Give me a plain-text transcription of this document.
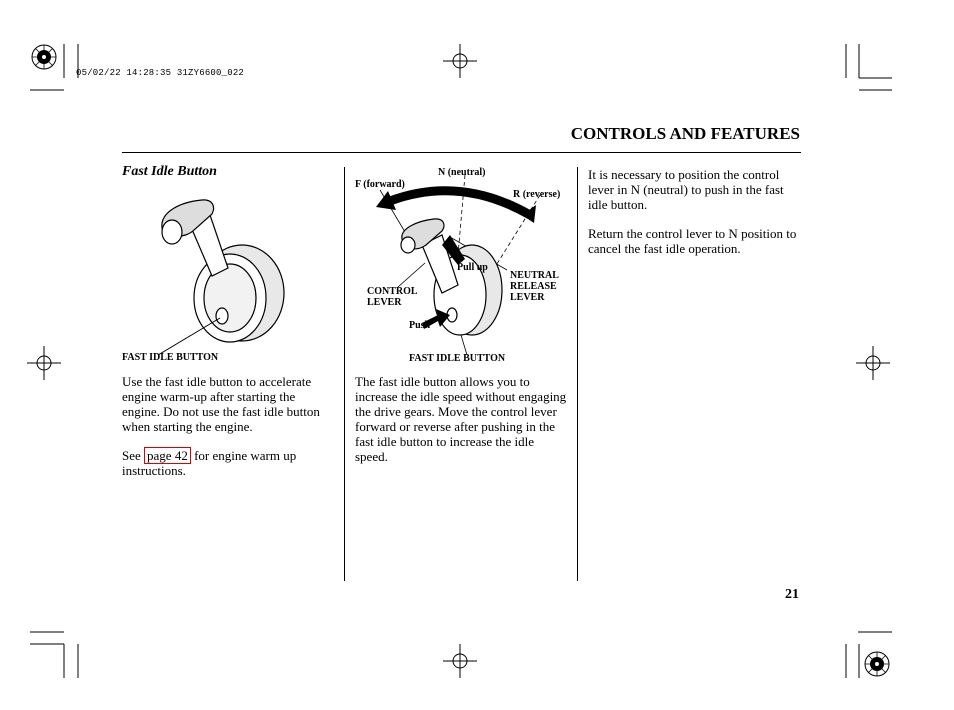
05/02/22 14:28:35 31ZY6600_022
CONTROLS AND FEATURES
Fast Idle Button
FAST IDLE BUTTON
Use the fast idle button to accelerate engine warm-up after starting the engine. Do not use the fast idle button when starting the engine.
See page 42 for engine warm up instructions.
N (neutral)
F (forward)
R (reverse)
Pull up
NEUTRAL
RELEASE
LEVER
CONTROL
LEVER
Push
FAST IDLE BUTTON
The fast idle button allows you to increase the idle speed without engaging the drive gears. Move the control lever forward or reverse after pushing in the fast idle button to increase the idle speed.
It is necessary to position the control lever in N (neutral) to push in the fast idle button.
Return the control lever to N position to cancel the fast idle operation.
21
